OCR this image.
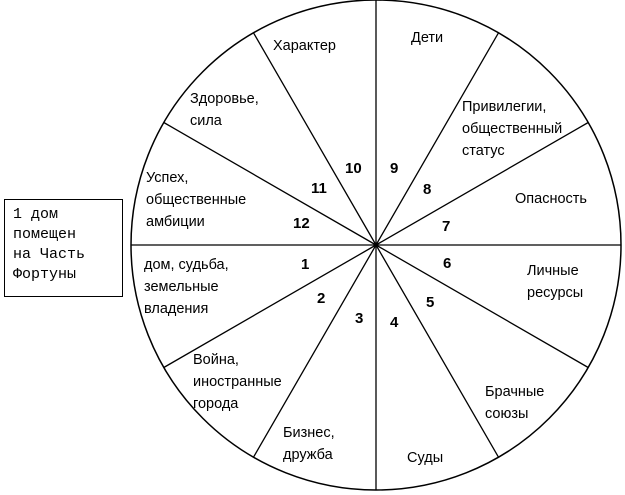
дом, судьба, земельные владения
Война, иностранные города
Бизнес, дружба	Суды
Брачные союзы
Личные ресурсы
Опасность
Привилегии, общественный статус
Дети
Характер
Здоровье, сила
Успех, общественные амбиции
1
2
3 4
5
6
7
8
9
10
11
12
1 дом
помещен
на Часть
Фортуны
